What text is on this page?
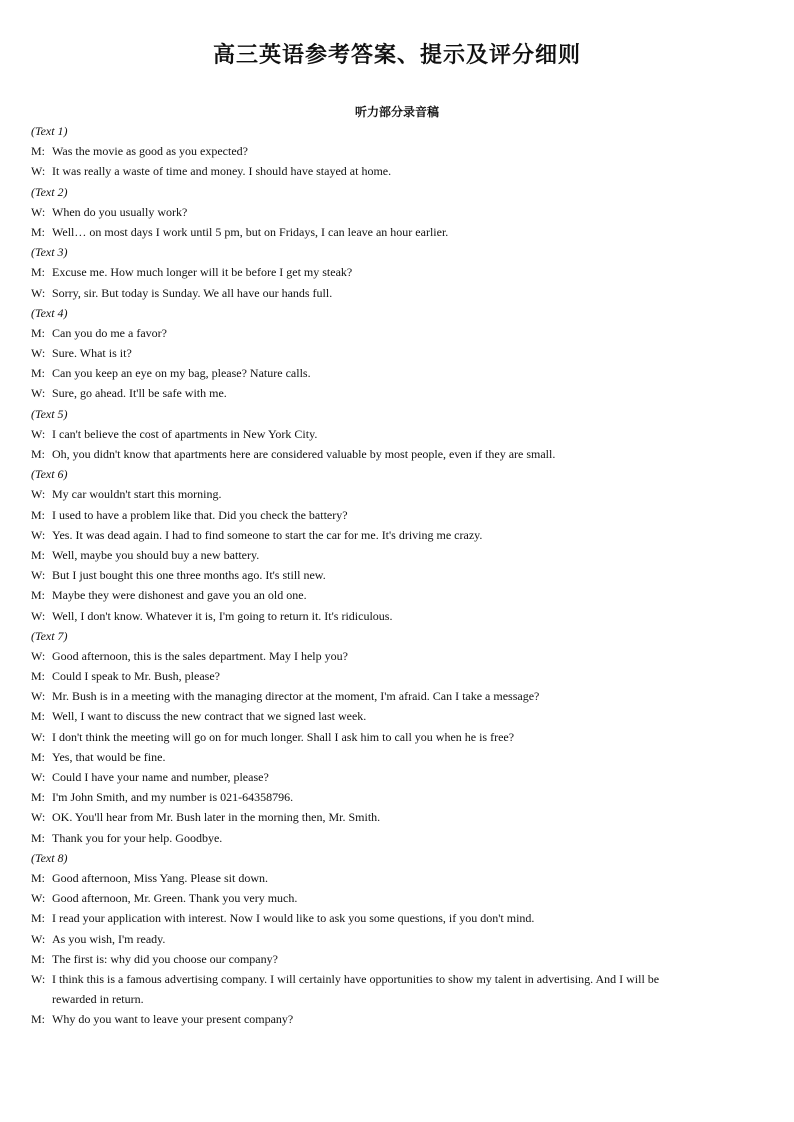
高三英语参考答案、提示及评分细则
听力部分录音稿
(Text 1)
M: Was the movie as good as you expected?
W: It was really a waste of time and money. I should have stayed at home.
(Text 2)
W: When do you usually work?
M: Well… on most days I work until 5 pm, but on Fridays, I can leave an hour earlier.
(Text 3)
M: Excuse me. How much longer will it be before I get my steak?
W: Sorry, sir. But today is Sunday. We all have our hands full.
(Text 4)
M: Can you do me a favor?
W: Sure. What is it?
M: Can you keep an eye on my bag, please? Nature calls.
W: Sure, go ahead. It'll be safe with me.
(Text 5)
W: I can't believe the cost of apartments in New York City.
M: Oh, you didn't know that apartments here are considered valuable by most people, even if they are small.
(Text 6)
W: My car wouldn't start this morning.
M: I used to have a problem like that. Did you check the battery?
W: Yes. It was dead again. I had to find someone to start the car for me. It's driving me crazy.
M: Well, maybe you should buy a new battery.
W: But I just bought this one three months ago. It's still new.
M: Maybe they were dishonest and gave you an old one.
W: Well, I don't know. Whatever it is, I'm going to return it. It's ridiculous.
(Text 7)
W: Good afternoon, this is the sales department. May I help you?
M: Could I speak to Mr. Bush, please?
W: Mr. Bush is in a meeting with the managing director at the moment, I'm afraid. Can I take a message?
M: Well, I want to discuss the new contract that we signed last week.
W: I don't think the meeting will go on for much longer. Shall I ask him to call you when he is free?
M: Yes, that would be fine.
W: Could I have your name and number, please?
M: I'm John Smith, and my number is 021-64358796.
W: OK. You'll hear from Mr. Bush later in the morning then, Mr. Smith.
M: Thank you for your help. Goodbye.
(Text 8)
M: Good afternoon, Miss Yang. Please sit down.
W: Good afternoon, Mr. Green. Thank you very much.
M: I read your application with interest. Now I would like to ask you some questions, if you don't mind.
W: As you wish, I'm ready.
M: The first is: why did you choose our company?
W: I think this is a famous advertising company. I will certainly have opportunities to show my talent in advertising. And I will be
rewarded in return.
M: Why do you want to leave your present company?
